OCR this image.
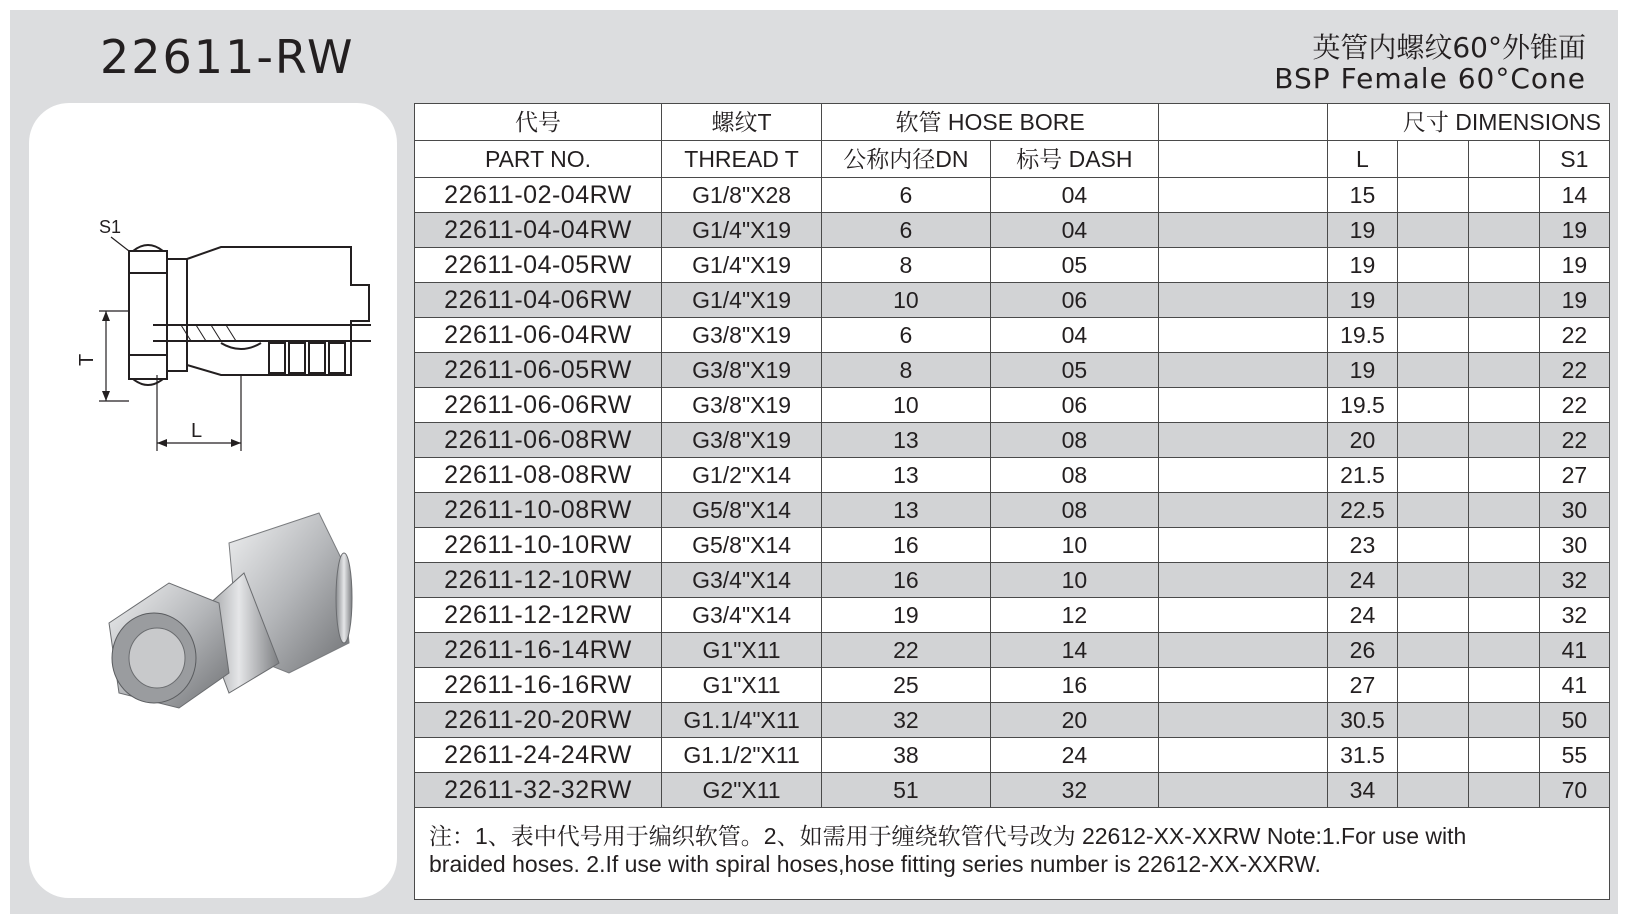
22611-RW	英管内螺纹60°外锥面
BSP Female 60°Cone
S1
T
L
代号	螺纹T	软管 HOSE BORE			尺寸 DIMENSIONS			
PART NO.	THREAD T	公称内径DN	标号 DASH		L			S1
22611-02-04RW	G1/8"X28	6	04		15			14
22611-04-04RW	G1/4"X19	6	04		19			19
22611-04-05RW	G1/4"X19	8	05		19			19
22611-04-06RW	G1/4"X19	10	06		19			19
22611-06-04RW	G3/8"X19	6	04		19.5			22
22611-06-05RW	G3/8"X19	8	05		19			22
22611-06-06RW	G3/8"X19	10	06		19.5			22
22611-06-08RW	G3/8"X19	13	08		20			22
22611-08-08RW	G1/2"X14	13	08		21.5			27
22611-10-08RW	G5/8"X14	13	08		22.5			30
22611-10-10RW	G5/8"X14	16	10		23			30
22611-12-10RW	G3/4"X14	16	10		24			32
22611-12-12RW	G3/4"X14	19	12		24			32
22611-16-14RW	G1"X11	22	14		26			41
22611-16-16RW	G1"X11	25	16		27			41
22611-20-20RW	G1.1/4"X11	32	20		30.5			50
22611-24-24RW	G1.1/2"X11	38	24		31.5			55
22611-32-32RW	G2"X11	51	32		34			70
注：1、表中代号用于编织软管。2、如需用于缠绕软管代号改为 22612-XX-XXRW Note:1.For use with
braided hoses. 2.If use with spiral hoses,hose fitting series number is 22612-XX-XXRW.
